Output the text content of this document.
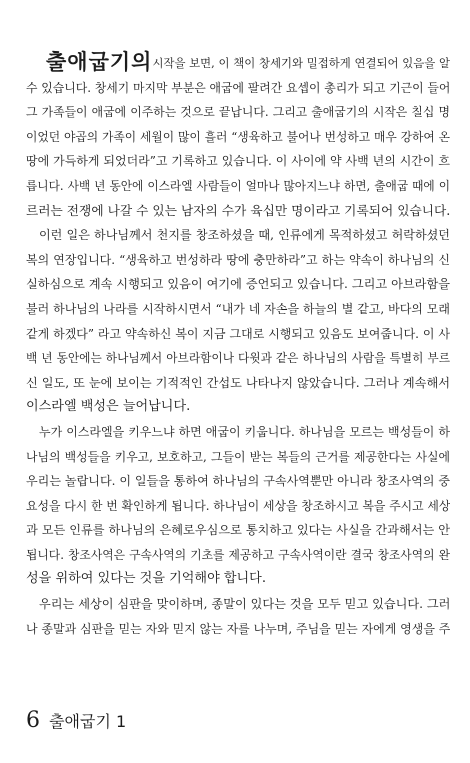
출애굽기의시작을 보면, 이 책이 창세기와 밀접하게 연결되어 있음을 알
수 있습니다. 창세기 마지막 부분은 애굽에 팔려간 요셉이 총리가 되고 기근이 들어
그 가족들이 애굽에 이주하는 것으로 끝납니다. 그리고 출애굽기의 시작은 칠십 명
이었던 야곱의 가족이 세월이 많이 흘러 “생육하고 불어나 번성하고 매우 강하여 온
땅에 가득하게 되었더라”고 기록하고 있습니다. 이 사이에 약 사백 년의 시간이 흐
릅니다. 사백 년 동안에 이스라엘 사람들이 얼마나 많아지느냐 하면, 출애굽 때에 이
르러는 전쟁에 나갈 수 있는 남자의 수가 육십만 명이라고 기록되어 있습니다.
이런 일은 하나님께서 천지를 창조하셨을 때, 인류에게 목적하셨고 허락하셨던
복의 연장입니다. “생육하고 번성하라 땅에 충만하라”고 하는 약속이 하나님의 신
실하심으로 계속 시행되고 있음이 여기에 증언되고 있습니다. 그리고 아브라함을
불러 하나님의 나라를 시작하시면서 “내가 네 자손을 하늘의 별 같고, 바다의 모래
같게 하겠다” 라고 약속하신 복이 지금 그대로 시행되고 있음도 보여줍니다. 이 사
백 년 동안에는 하나님께서 아브라함이나 다윗과 같은 하나님의 사람을 특별히 부르
신 일도, 또 눈에 보이는 기적적인 간섭도 나타나지 않았습니다. 그러나 계속해서
이스라엘 백성은 늘어납니다.
누가 이스라엘을 키우느냐 하면 애굽이 키웁니다. 하나님을 모르는 백성들이 하
나님의 백성들을 키우고, 보호하고, 그들이 받는 복들의 근거를 제공한다는 사실에
우리는 놀랍니다. 이 일들을 통하여 하나님의 구속사역뿐만 아니라 창조사역의 중
요성을 다시 한 번 확인하게 됩니다. 하나님이 세상을 창조하시고 복을 주시고 세상
과 모든 인류를 하나님의 은혜로우심으로 통치하고 있다는 사실을 간과해서는 안
됩니다. 창조사역은 구속사역의 기초를 제공하고 구속사역이란 결국 창조사역의 완
성을 위하여 있다는 것을 기억해야 합니다.
우리는 세상이 심판을 맞이하며, 종말이 있다는 것을 모두 믿고 있습니다. 그러
나 종말과 심판을 믿는 자와 믿지 않는 자를 나누며, 주님을 믿는 자에게 영생을 주
6 출애굽기 1
